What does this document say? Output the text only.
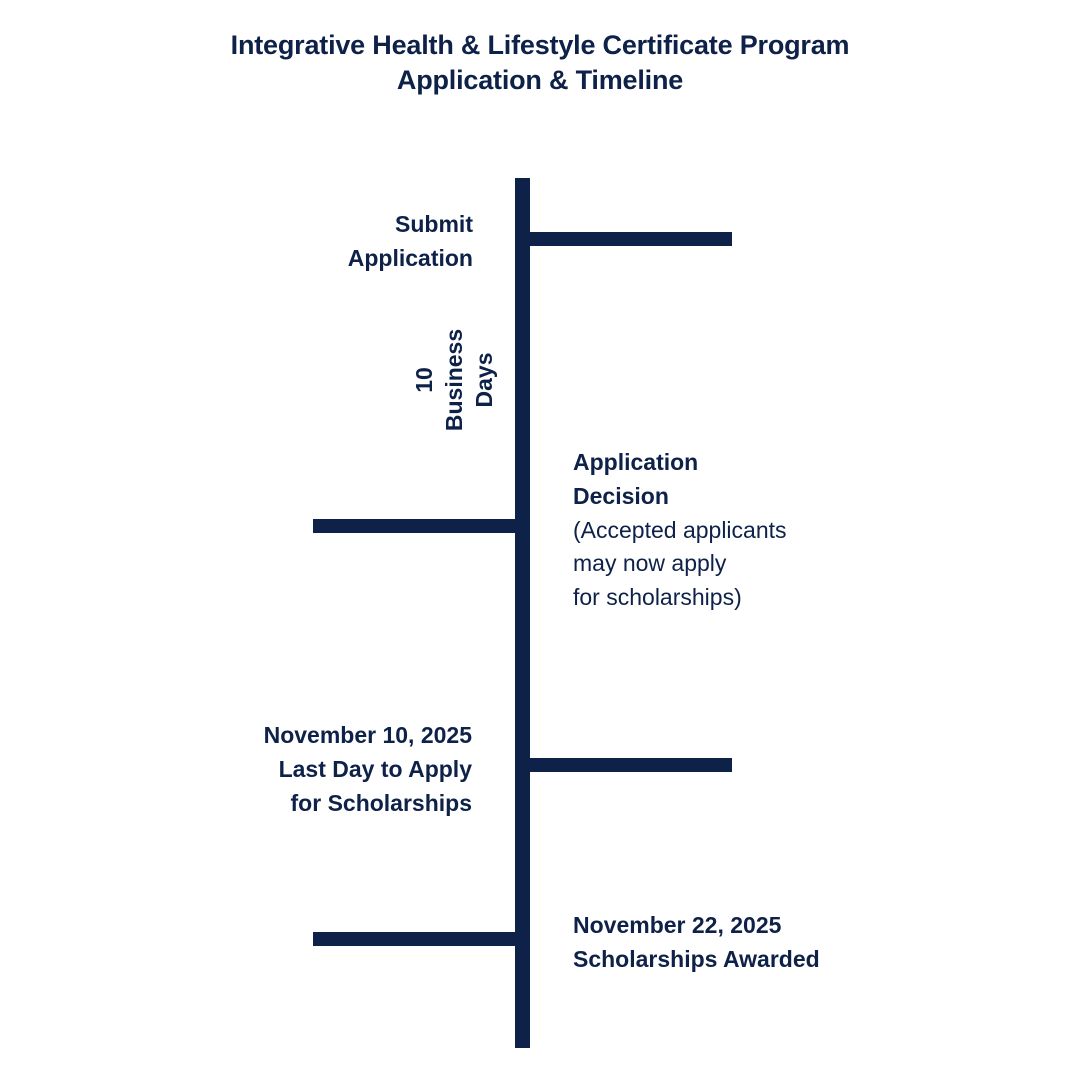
Integrative Health & Lifestyle Certificate Program
Application & Timeline
Submit
Application
10 Business Days
Application
Decision
(Accepted applicants
may now apply
for scholarships)
November 10, 2025
Last Day to Apply
for Scholarships
November 22, 2025
Scholarships Awarded
